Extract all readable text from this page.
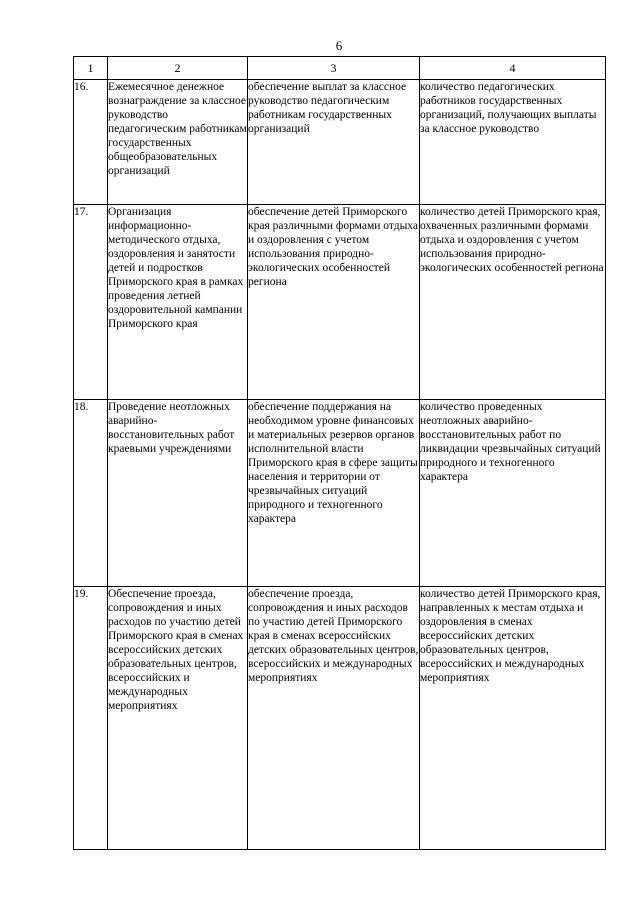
6
1	2	3	4
16.	Ежемесячное денежное вознаграждение за классное руководство педагогическим работникам государственных общеобразовательных организаций	обеспечение выплат за классное руководство педагогическим работникам государственных организаций	количество педагогических работников государственных организаций, получающих выплаты за классное руководство
17.	Организация информационно-методического отдыха, оздоровления и занятости детей и подростков Приморского края в рамках проведения летней оздоровительной кампании Приморского края	обеспечение детей Приморского края различными формами отдыха и оздоровления с учетом использования природно-экологических особенностей региона	количество детей Приморского края, охваченных различными формами отдыха и оздоровления с учетом использования природно-экологических особенностей региона
18.	Проведение неотложных аварийно-восстановительных работ краевыми учреждениями	обеспечение поддержания на необходимом уровне финансовых и материальных резервов органов исполнительной власти Приморского края в сфере защиты населения и территории от чрезвычайных ситуаций природного и техногенного характера	количество проведенных неотложных аварийно-восстановительных работ по ликвидации чрезвычайных ситуаций природного и техногенного характера
19.	Обеспечение проезда, сопровождения и иных расходов по участию детей Приморского края в сменах всероссийских детских образовательных центров, всероссийских и международных мероприятиях	обеспечение проезда, сопровождения и иных расходов по участию детей Приморского края в сменах всероссийских детских образовательных центров, всероссийских и международных мероприятиях	количество детей Приморского края, направленных к местам отдыха и оздоровления в сменах всероссийских детских образовательных центров, всероссийских и международных мероприятиях
